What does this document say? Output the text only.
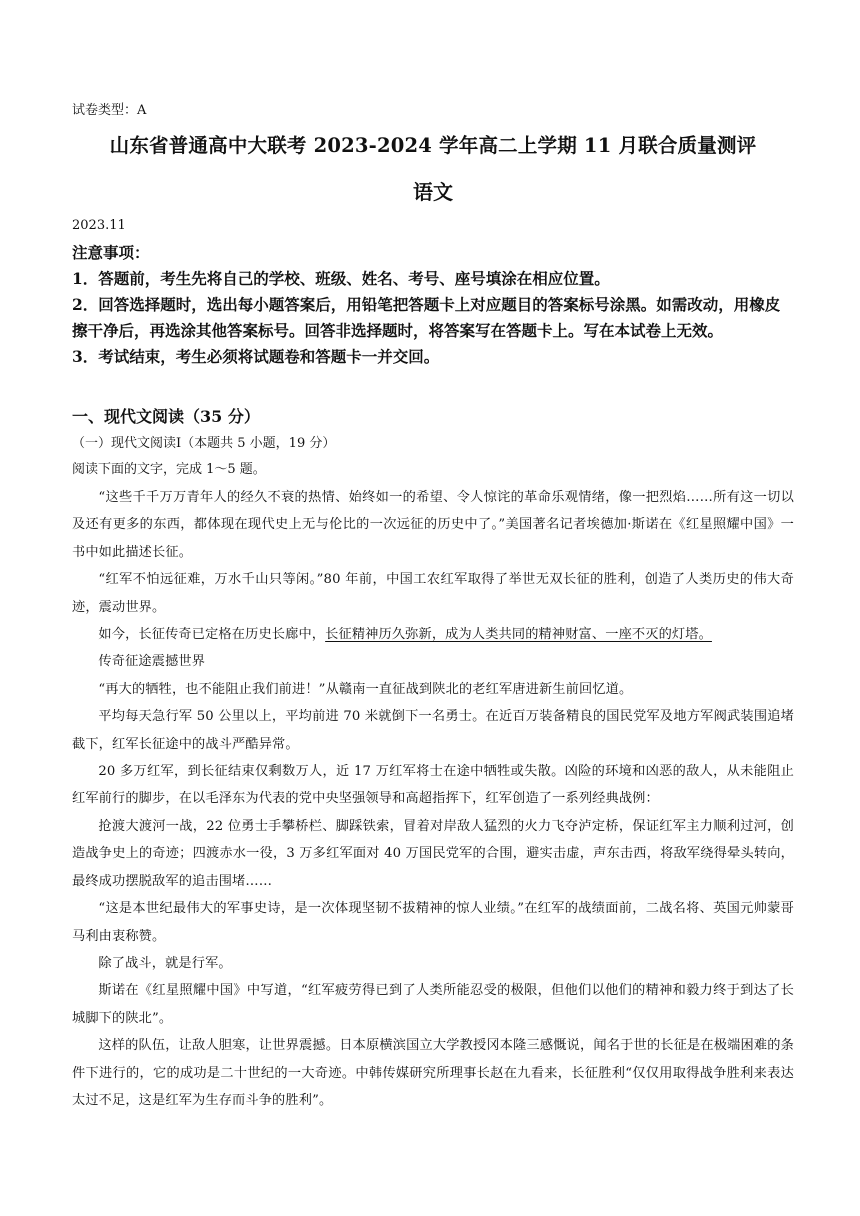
试卷类型：A
山东省普通高中大联考 2023-2024 学年高二上学期 11 月联合质量测评
语文
2023.11

注意事项：

1．答题前，考生先将自己的学校、班级、姓名、考号、座号填涂在相应位置。

2．回答选择题时，选出每小题答案后，用铅笔把答题卡上对应题目的答案标号涂黑。如需改动，用橡皮擦干净后，再选涂其他答案标号。回答非选择题时，将答案写在答题卡上。写在本试卷上无效。

3．考试结束，考生必须将试题卷和答题卡一并交回。

一、现代文阅读（35 分）
（一）现代文阅读Ⅰ（本题共 5 小题，19 分）
阅读下面的文字，完成 1～5 题。

“这些千千万万青年人的经久不衰的热情、始终如一的希望、令人惊诧的革命乐观情绪，像一把烈焰……所有这一切以及还有更多的东西，都体现在现代史上无与伦比的一次远征的历史中了。”美国著名记者埃德加·斯诺在《红星照耀中国》一书中如此描述长征。

“红军不怕远征难，万水千山只等闲。”80 年前，中国工农红军取得了举世无双长征的胜利，创造了人类历史的伟大奇迹，震动世界。

如今，长征传奇已定格在历史长廊中，长征精神历久弥新，成为人类共同的精神财富、一座不灭的灯塔。

传奇征途震撼世界

“再大的牺牲，也不能阻止我们前进！”从赣南一直征战到陕北的老红军唐进新生前回忆道。

平均每天急行军 50 公里以上，平均前进 70 米就倒下一名勇士。在近百万装备精良的国民党军及地方军阀武装围追堵截下，红军长征途中的战斗严酷异常。

20 多万红军，到长征结束仅剩数万人，近 17 万红军将士在途中牺牲或失散。凶险的环境和凶恶的敌人，从未能阻止红军前行的脚步，在以毛泽东为代表的党中央坚强领导和高超指挥下，红军创造了一系列经典战例：

抢渡大渡河一战，22 位勇士手攀桥栏、脚踩铁索，冒着对岸敌人猛烈的火力飞夺泸定桥，保证红军主力顺利过河，创造战争史上的奇迹；四渡赤水一役，3 万多红军面对 40 万国民党军的合围，避实击虚，声东击西，将敌军绕得晕头转向，最终成功摆脱敌军的追击围堵……

“这是本世纪最伟大的军事史诗，是一次体现坚韧不拔精神的惊人业绩。”在红军的战绩面前，二战名将、英国元帅蒙哥马利由衷称赞。

除了战斗，就是行军。

斯诺在《红星照耀中国》中写道，“红军疲劳得已到了人类所能忍受的极限，但他们以他们的精神和毅力终于到达了长城脚下的陕北”。

这样的队伍，让敌人胆寒，让世界震撼。日本原横滨国立大学教授冈本隆三感慨说，闻名于世的长征是在极端困难的条件下进行的，它的成功是二十世纪的一大奇迹。中韩传媒研究所理事长赵在九看来，长征胜利“仅仅用取得战争胜利来表达太过不足，这是红军为生存而斗争的胜利”。
